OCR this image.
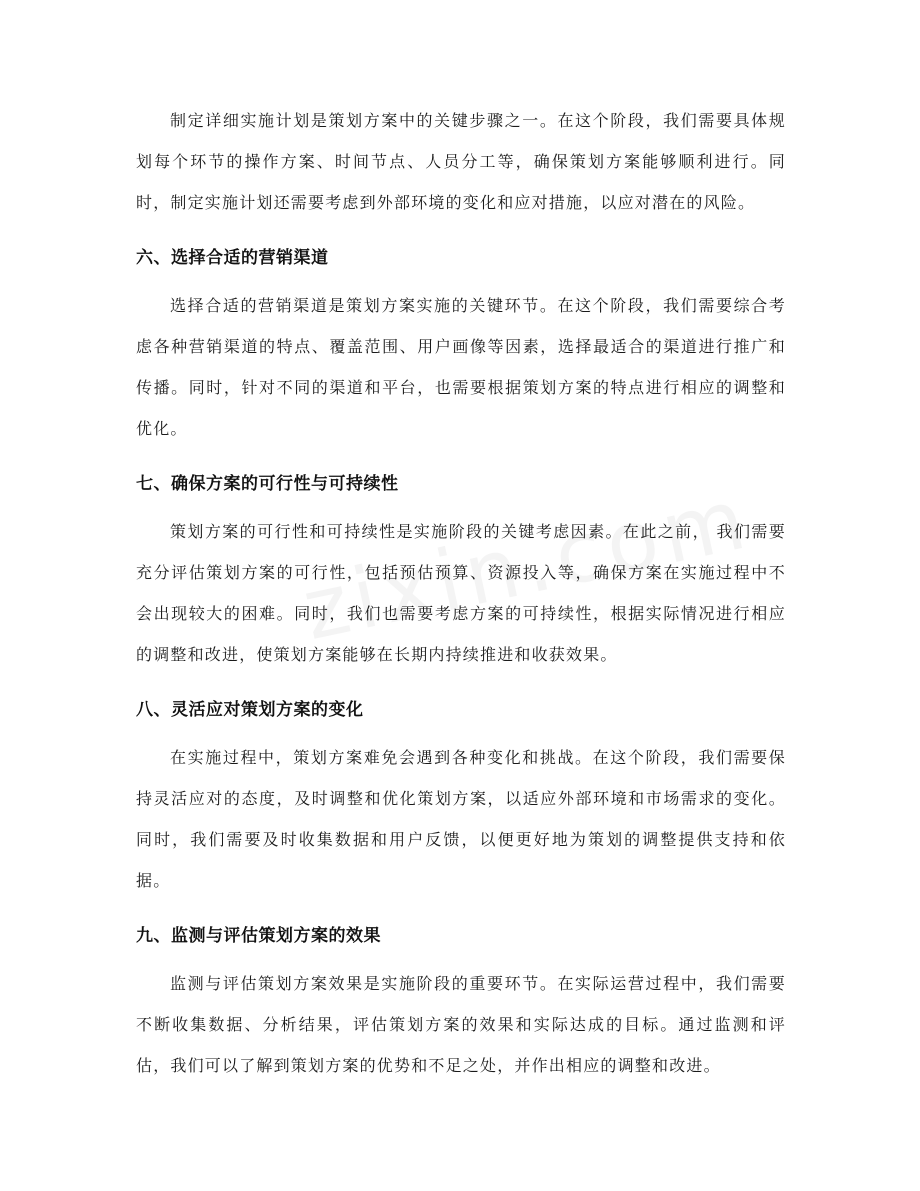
制定详细实施计划是策划方案中的关键步骤之一。在这个阶段，我们需要具体规划每个环节的操作方案、时间节点、人员分工等，确保策划方案能够顺利进行。同时，制定实施计划还需要考虑到外部环境的变化和应对措施，以应对潜在的风险。

六、选择合适的营销渠道

选择合适的营销渠道是策划方案实施的关键环节。在这个阶段，我们需要综合考虑各种营销渠道的特点、覆盖范围、用户画像等因素，选择最适合的渠道进行推广和传播。同时，针对不同的渠道和平台，也需要根据策划方案的特点进行相应的调整和优化。

七、确保方案的可行性与可持续性

策划方案的可行性和可持续性是实施阶段的关键考虑因素。在此之前， 我们需要充分评估策划方案的可行性，包括预估预算、资源投入等，确保方案在实施过程中不会出现较大的困难。同时，我们也需要考虑方案的可持续性，根据实际情况进行相应的调整和改进，使策划方案能够在长期内持续推进和收获效果。

八、灵活应对策划方案的变化

在实施过程中，策划方案难免会遇到各种变化和挑战。在这个阶段，我们需要保持灵活应对的态度，及时调整和优化策划方案，以适应外部环境和市场需求的变化。同时，我们需要及时收集数据和用户反馈，以便更好地为策划的调整提供支持和依据。

九、监测与评估策划方案的效果

监测与评估策划方案效果是实施阶段的重要环节。在实际运营过程中，我们需要不断收集数据、分析结果，评估策划方案的效果和实际达成的目标。通过监测和评估，我们可以了解到策划方案的优势和不足之处，并作出相应的调整和改进。
